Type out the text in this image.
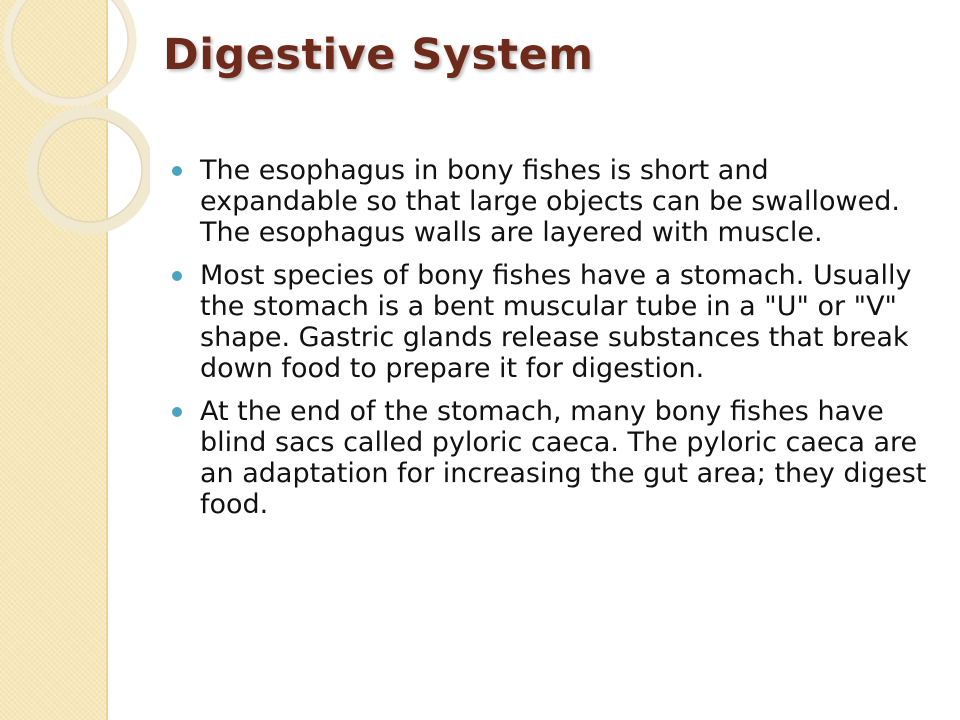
Digestive System
The esophagus in bony fishes is short and expandable so that large objects can be swallowed. The esophagus walls are layered with muscle.
Most species of bony fishes have a stomach. Usually the stomach is a bent muscular tube in a "U" or "V" shape. Gastric glands release substances that break down food to prepare it for digestion.
At the end of the stomach, many bony fishes have blind sacs called pyloric caeca. The pyloric caeca are an adaptation for increasing the gut area; they digest food.
